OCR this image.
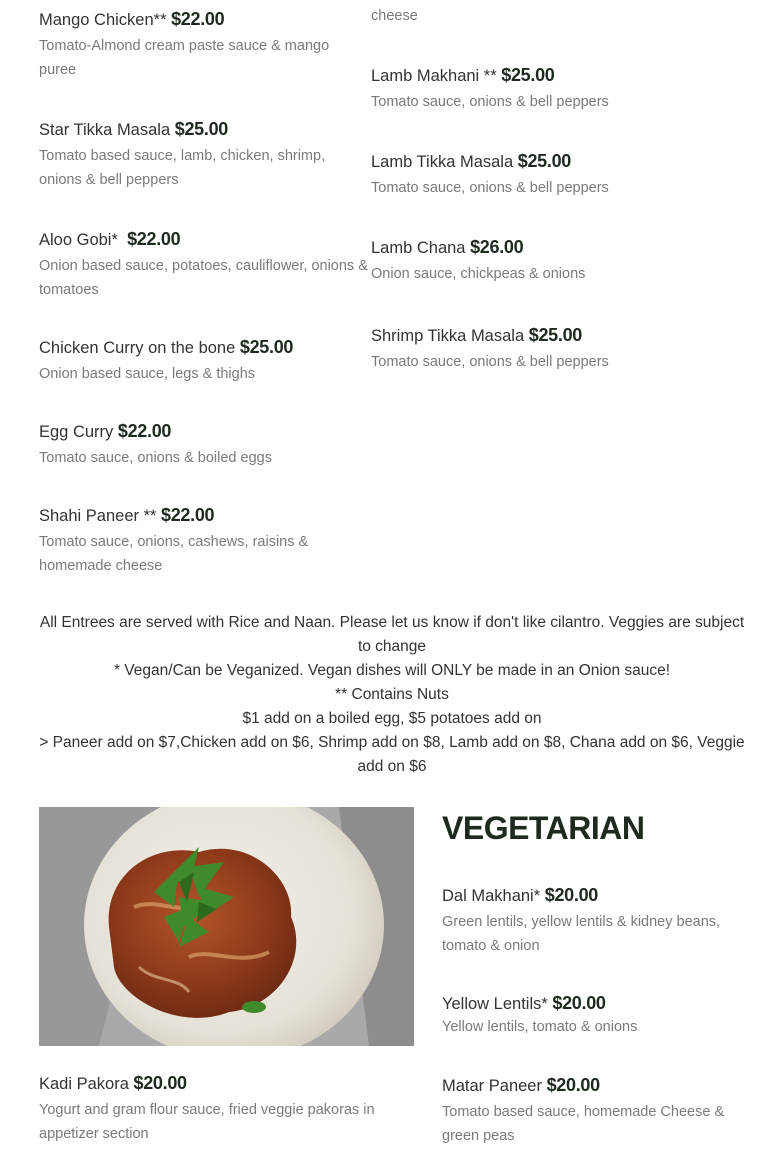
Mango Chicken** $22.00
Tomato-Almond cream paste sauce & mango puree
Star Tikka Masala $25.00
Tomato based sauce, lamb, chicken, shrimp, onions & bell peppers
Aloo Gobi* $22.00
Onion based sauce, potatoes, cauliflower, onions & tomatoes
Chicken Curry on the bone $25.00
Onion based sauce, legs & thighs
Egg Curry $22.00
Tomato sauce, onions & boiled eggs
Shahi Paneer ** $22.00
Tomato sauce, onions, cashews, raisins & homemade cheese
cheese
Lamb Makhani ** $25.00
Tomato sauce, onions & bell peppers
Lamb Tikka Masala $25.00
Tomato sauce, onions & bell peppers
Lamb Chana $26.00
Onion sauce, chickpeas & onions
Shrimp Tikka Masala $25.00
Tomato sauce, onions & bell peppers
All Entrees are served with Rice and Naan. Please let us know if don't like cilantro. Veggies are subject to change
* Vegan/Can be Veganized. Vegan dishes will ONLY be made in an Onion sauce!
** Contains Nuts
$1 add on a boiled egg, $5 potatoes add on
> Paneer add on $7,Chicken add on $6, Shrimp add on $8, Lamb add on $8, Chana add on $6, Veggie add on $6
VEGETARIAN
Dal Makhani* $20.00
Green lentils, yellow lentils & kidney beans, tomato & onion
Yellow Lentils* $20.00
Yellow lentils, tomato & onions
Matar Paneer $20.00
Tomato based sauce, homemade Cheese & green peas
Kadi Pakora $20.00
Yogurt and gram flour sauce, fried veggie pakoras in appetizer section
